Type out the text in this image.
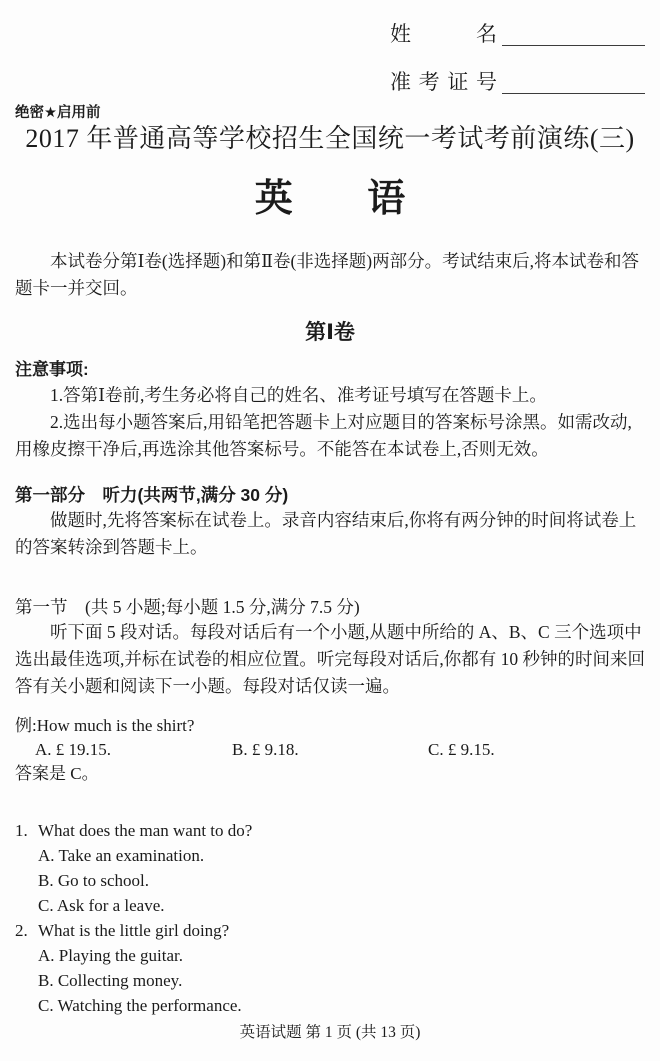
姓	名
准考证号
绝密★启用前
2017 年普通高等学校招生全国统一考试考前演练(三)
英 语
本试卷分第Ⅰ卷(选择题)和第Ⅱ卷(非选择题)两部分。考试结束后,将本试卷和答题卡一并交回。
第Ⅰ卷
注意事项:
1.答第Ⅰ卷前,考生务必将自己的姓名、准考证号填写在答题卡上。
2.选出每小题答案后,用铅笔把答题卡上对应题目的答案标号涂黑。如需改动,用橡皮擦干净后,再选涂其他答案标号。不能答在本试卷上,否则无效。
第一部分　听力(共两节,满分 30 分)
做题时,先将答案标在试卷上。录音内容结束后,你将有两分钟的时间将试卷上的答案转涂到答题卡上。
第一节　(共 5 小题;每小题 1.5 分,满分 7.5 分)
听下面 5 段对话。每段对话后有一个小题,从题中所给的 A、B、C 三个选项中选出最佳选项,并标在试卷的相应位置。听完每段对话后,你都有 10 秒钟的时间来回答有关小题和阅读下一小题。每段对话仅读一遍。
例:How much is the shirt?
A. £ 19.15.	B. £ 9.18.	C. £ 9.15.
答案是 C。
1. What does the man want to do?
A. Take an examination.
B. Go to school.
C. Ask for a leave.
2. What is the little girl doing?
A. Playing the guitar.
B. Collecting money.
C. Watching the performance.
英语试题 第 1 页 (共 13 页)
